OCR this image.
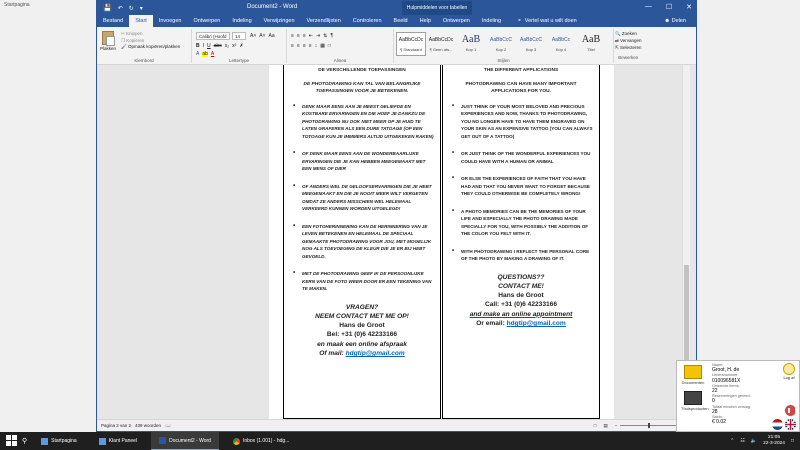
Startpagina	💾 ↶ ↻ ▾	Document2 - Word	Hulpmiddelen voor tabellen	— ☐ ✕
Bestand	Start	Invoegen	Ontwerpen	Indeling	Verwijzingen	Verzendlijsten	Controleren	Beeld	Help	Ontwerpen	Indeling	⚬ Vertel wat u wilt doen	☻ Delen
Plakken
✂ Knippen
❐ Kopiëren
🖌 Opmaak kopiëren/plakken
Klembord
Calibri (Hoofd	14	A˄ A˅ Aa
B I U abc x₂ x² ✗
A ab A
Lettertype
≡ ≡ ≡ ⇤ ⇥ ⇅ ¶
≡ ≡ ≡ ≡ ↕ ▦ □
Alinea
AaBbCcDc
¶ Standaard
AaBbCcDc
¶ Geen afs...
AaB
Kop 1
AaBbCcC
Kop 2
AaBbCcC
Kop 3
AaBbCc
Kop 4
AaB
Titel
Stijlen
🔍 Zoeken
⇄ Vervangen
⇱ Selecteren
Bewerken
DE VERSCHILLENDE TOEPASSINGEN
DE PHOTODRAWING KAN TAL VAN BELANGRIJKE TOEPASSINGEN VOOR JE BETEKENEN.
• DENK MAAR EENS AAN JE MEEST GELIEFDE EN KOSTBARE ERVARINGEN EN DIE HOEF JE DANKZU DE PHOTODRAWING NU OOK NIET MEER OP JE HUID TE LATEN GRAFEREN ALS EEN DURE TATOAGE (OP EEN TOTOAGE KUN JE IMMMERS ALTIJD UITGEKEKEN RAKEN)
• OF DENK MAAR EENS AAN DE WONDERBAARLIJKE ERVARINGEN DIE JE KAN HEBBEN MEEGEMAAKT MET EEN MENS OF DIER
• OF ANDERS WEL DE GELOOFSERVARINGEN DIE JE HEBT MEEGEMAAKT EN DIE JE NOOIT MEER WILT VERGETEN OMDAT ZE ANDERS MISSCHIEN WEL HELEMAAL VERKEERD KUNNEN WORDEN UITGELEGD!
• EEN FOTOHERINNERING KAN DE HERINNERING VAN JE LEVEN BETEKENEN EN HELEMAAL DE SPECIAAL GEMAAKTE PHOTODRAWING VOOR JOU, MET MOGELIJK NOG ALS TOEVOEGING DE KLEUR DIE JE ER BIJ HEBT GEVOELD.
• MET DE PHOTODRAWING GEEF IK DE PERSOONLIJKE KERN VAN DE FOTO WEER DOOR ER EEN TEKENING VAN TE MAKEN.
VRAGEN?
NEEM CONTACT MET ME OP!
Hans de Groot
Bel: +31 (0)6 42233166
en maak een online afspraak
Of mail: hdgtip@gmail.com
THE DIFFERENT APPLICATIONS
PHOTODRAWING CAN HAVE MANY IMPORTANT APPLICATIONS FOR YOU.
• JUST THINK OF YOUR MOST BELOVED AND PRECIOUS EXPERIENCES AND NOW, THANKS TO PHOTODRAWING, YOU NO LONGER HAVE TO HAVE THEM ENGRAVED ON YOUR SKIN AS AN EXPENSIVE TATTOO (YOU CAN ALWAYS GET OUT OF A TATTOO)
• OR JUST THINK OF THE WONDERFUL EXPERIENCES YOU COULD HAVE WITH A HUMAN OR ANIMAL
• OR ELSE THE EXPERIENCES OF FAITH THAT YOU HAVE HAD AND THAT YOU NEVER WANT TO FORGET BECAUSE THEY COULD OTHERWISE BE COMPLETELY WRONG!
• A PHOTO MEMORIES CAN BE THE MEMORIES OF YOUR LIFE AND ESPECIALLY THE PHOTO DRAWING MADE SPECIALLY FOR YOU, WITH POSSIBLY THE ADDITION OF THE COLOR YOU FELT WITH IT.
• WITH PHOTODRAWING I REFLECT THE PERSONAL CORE OF THE PHOTO BY MAKING A DRAWING OF IT.
QUESTIONS??
CONTACT ME!
Hans de Groot
Call: +31 (0)6 42233166
and make an online appointment
Or email: hdgtip@gmail.com
Pagina 2 van 2 439 woorden 📖	□ ▤ −
Documenten
Thuisproducten
Naam:
Groot, H. de
Lenersnummer:
010096581X
Geleende items:
22
Reserveringen gereed:
0
Totaal minuten verslag:
28
Saldo:
€ 0.02
Log af
⚲	Startpagina	Klant Paneel	Document2 - Word	Inbox (1.001) - hdg...	⌃ ☷ 🔈
21:05
22-3-2024 □
